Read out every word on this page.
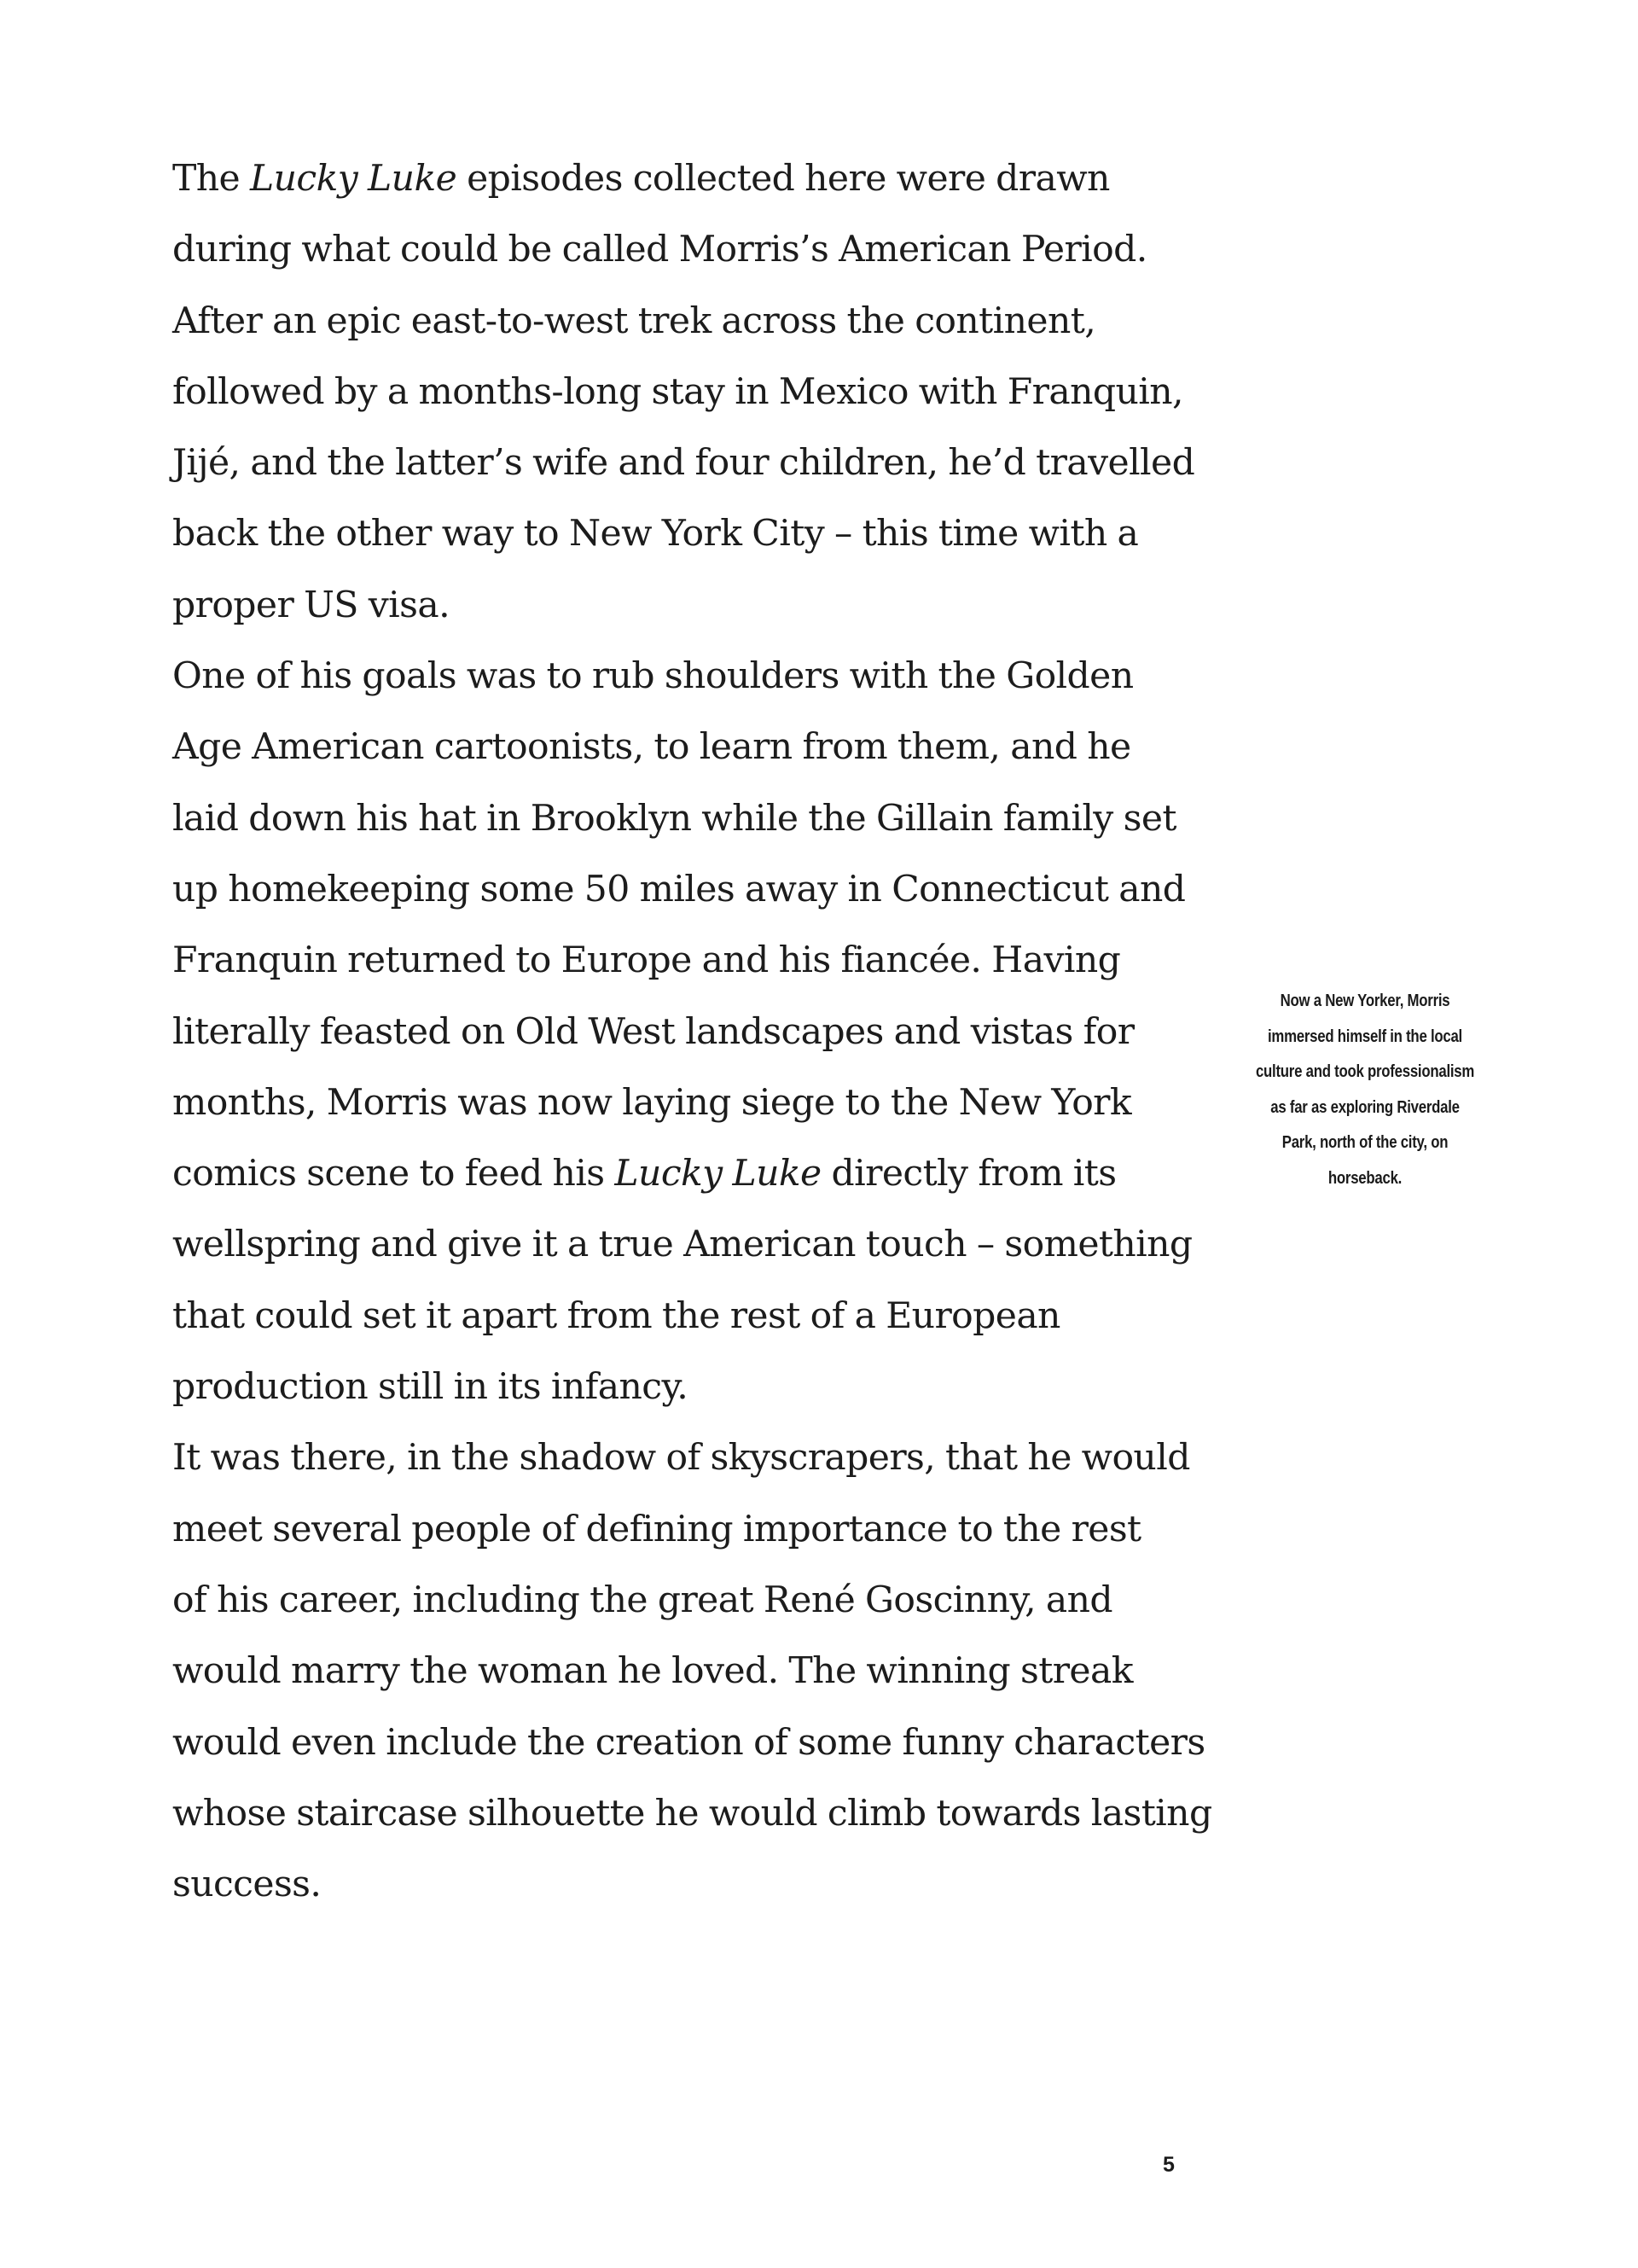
The Lucky Luke episodes collected here were drawn
during what could be called Morris’s American Period.
After an epic east-to-west trek across the continent,
followed by a months-long stay in Mexico with Franquin,
Jijé, and the latter’s wife and four children, he’d travelled
back the other way to New York City – this time with a
proper US visa.

One of his goals was to rub shoulders with the Golden
Age American cartoonists, to learn from them, and he
laid down his hat in Brooklyn while the Gillain family set
up homekeeping some 50 miles away in Connecticut and
Franquin returned to Europe and his fiancée. Having
literally feasted on Old West landscapes and vistas for
months, Morris was now laying siege to the New York
comics scene to feed his Lucky Luke directly from its
wellspring and give it a true American touch – something
that could set it apart from the rest of a European
production still in its infancy.

It was there, in the shadow of skyscrapers, that he would
meet several people of defining importance to the rest
of his career, including the great René Goscinny, and
would marry the woman he loved. The winning streak
would even include the creation of some funny characters
whose staircase silhouette he would climb towards lasting
success.

Now a New Yorker, Morris
immersed himself in the local
culture and took professionalism
as far as exploring Riverdale
Park, north of the city, on
horseback.
5
